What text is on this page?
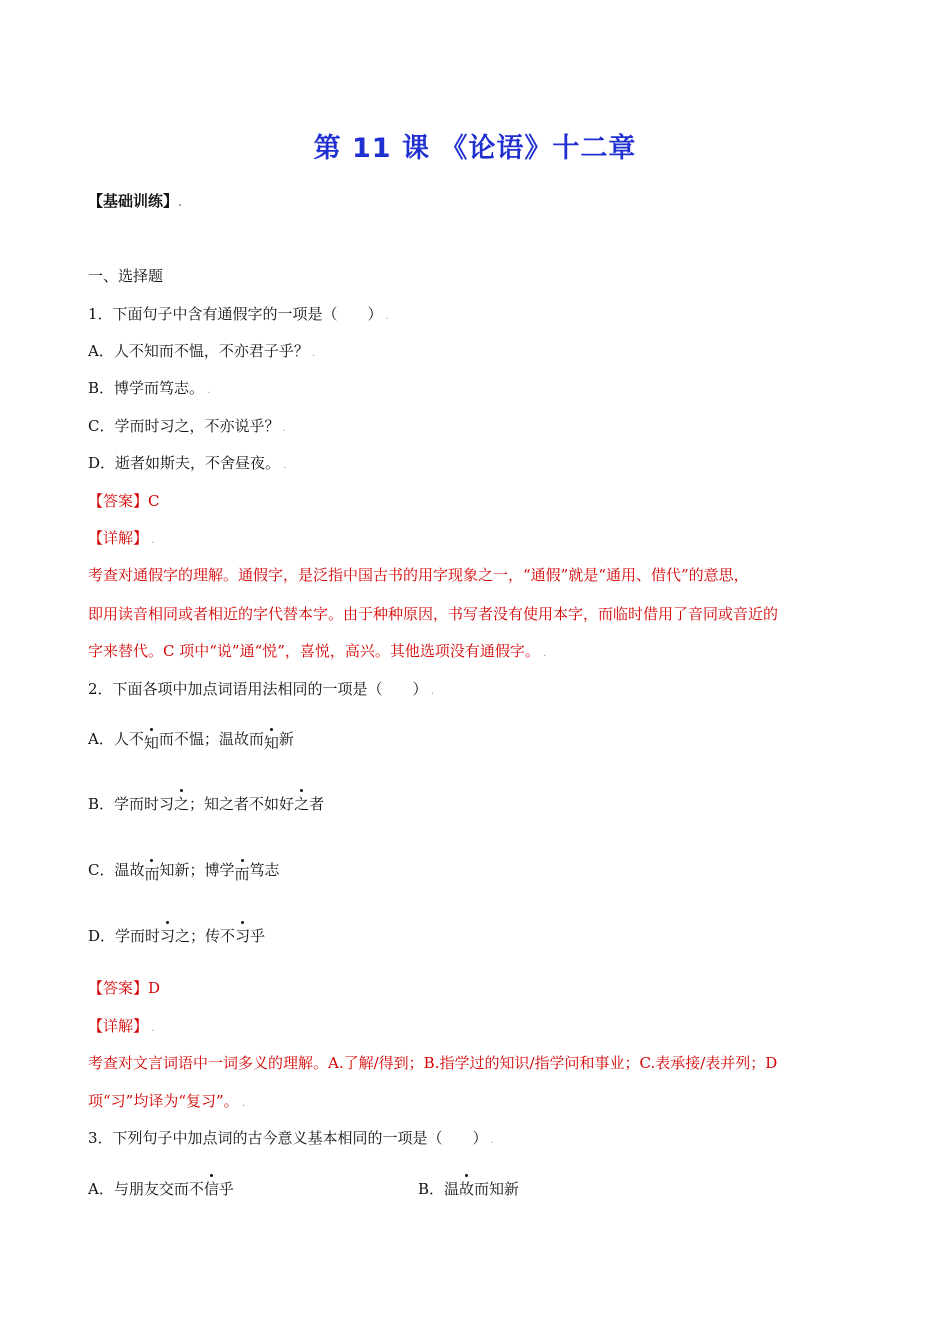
第 11 课 《论语》十二章
【基础训练】.
一、选择题
1．下面句子中含有通假字的一项是（　　） .
A．人不知而不愠，不亦君子乎？ .
B．博学而笃志。 .
C．学而时习之，不亦说乎？ .
D．逝者如斯夫，不舍昼夜。 .
【答案】C
【详解】 .
考查对通假字的理解。通假字，是泛指中国古书的用字现象之一，“通假”就是“通用、借代”的意思，
即用读音相同或者相近的字代替本字。由于种种原因，书写者没有使用本字，而临时借用了音同或音近的
字来替代。C 项中“说”通“悦”，喜悦，高兴。其他选项没有通假字。 .
2．下面各项中加点词语用法相同的一项是（　　） .
A．人不知而不愠；温故而知新
B．学而时习之；知之者不如好之者
C．温故而知新；博学而笃志
D．学而时习之；传不习乎
【答案】D
【详解】 .
考查对文言词语中一词多义的理解。A.了解/得到；B.指学过的知识/指学问和事业；C.表承接/表并列；D
项“习”均译为“复习”。 .
3．下列句子中加点词的古今意义基本相同的一项是（　　） .
A．与朋友交而不信乎	B．温故而知新
